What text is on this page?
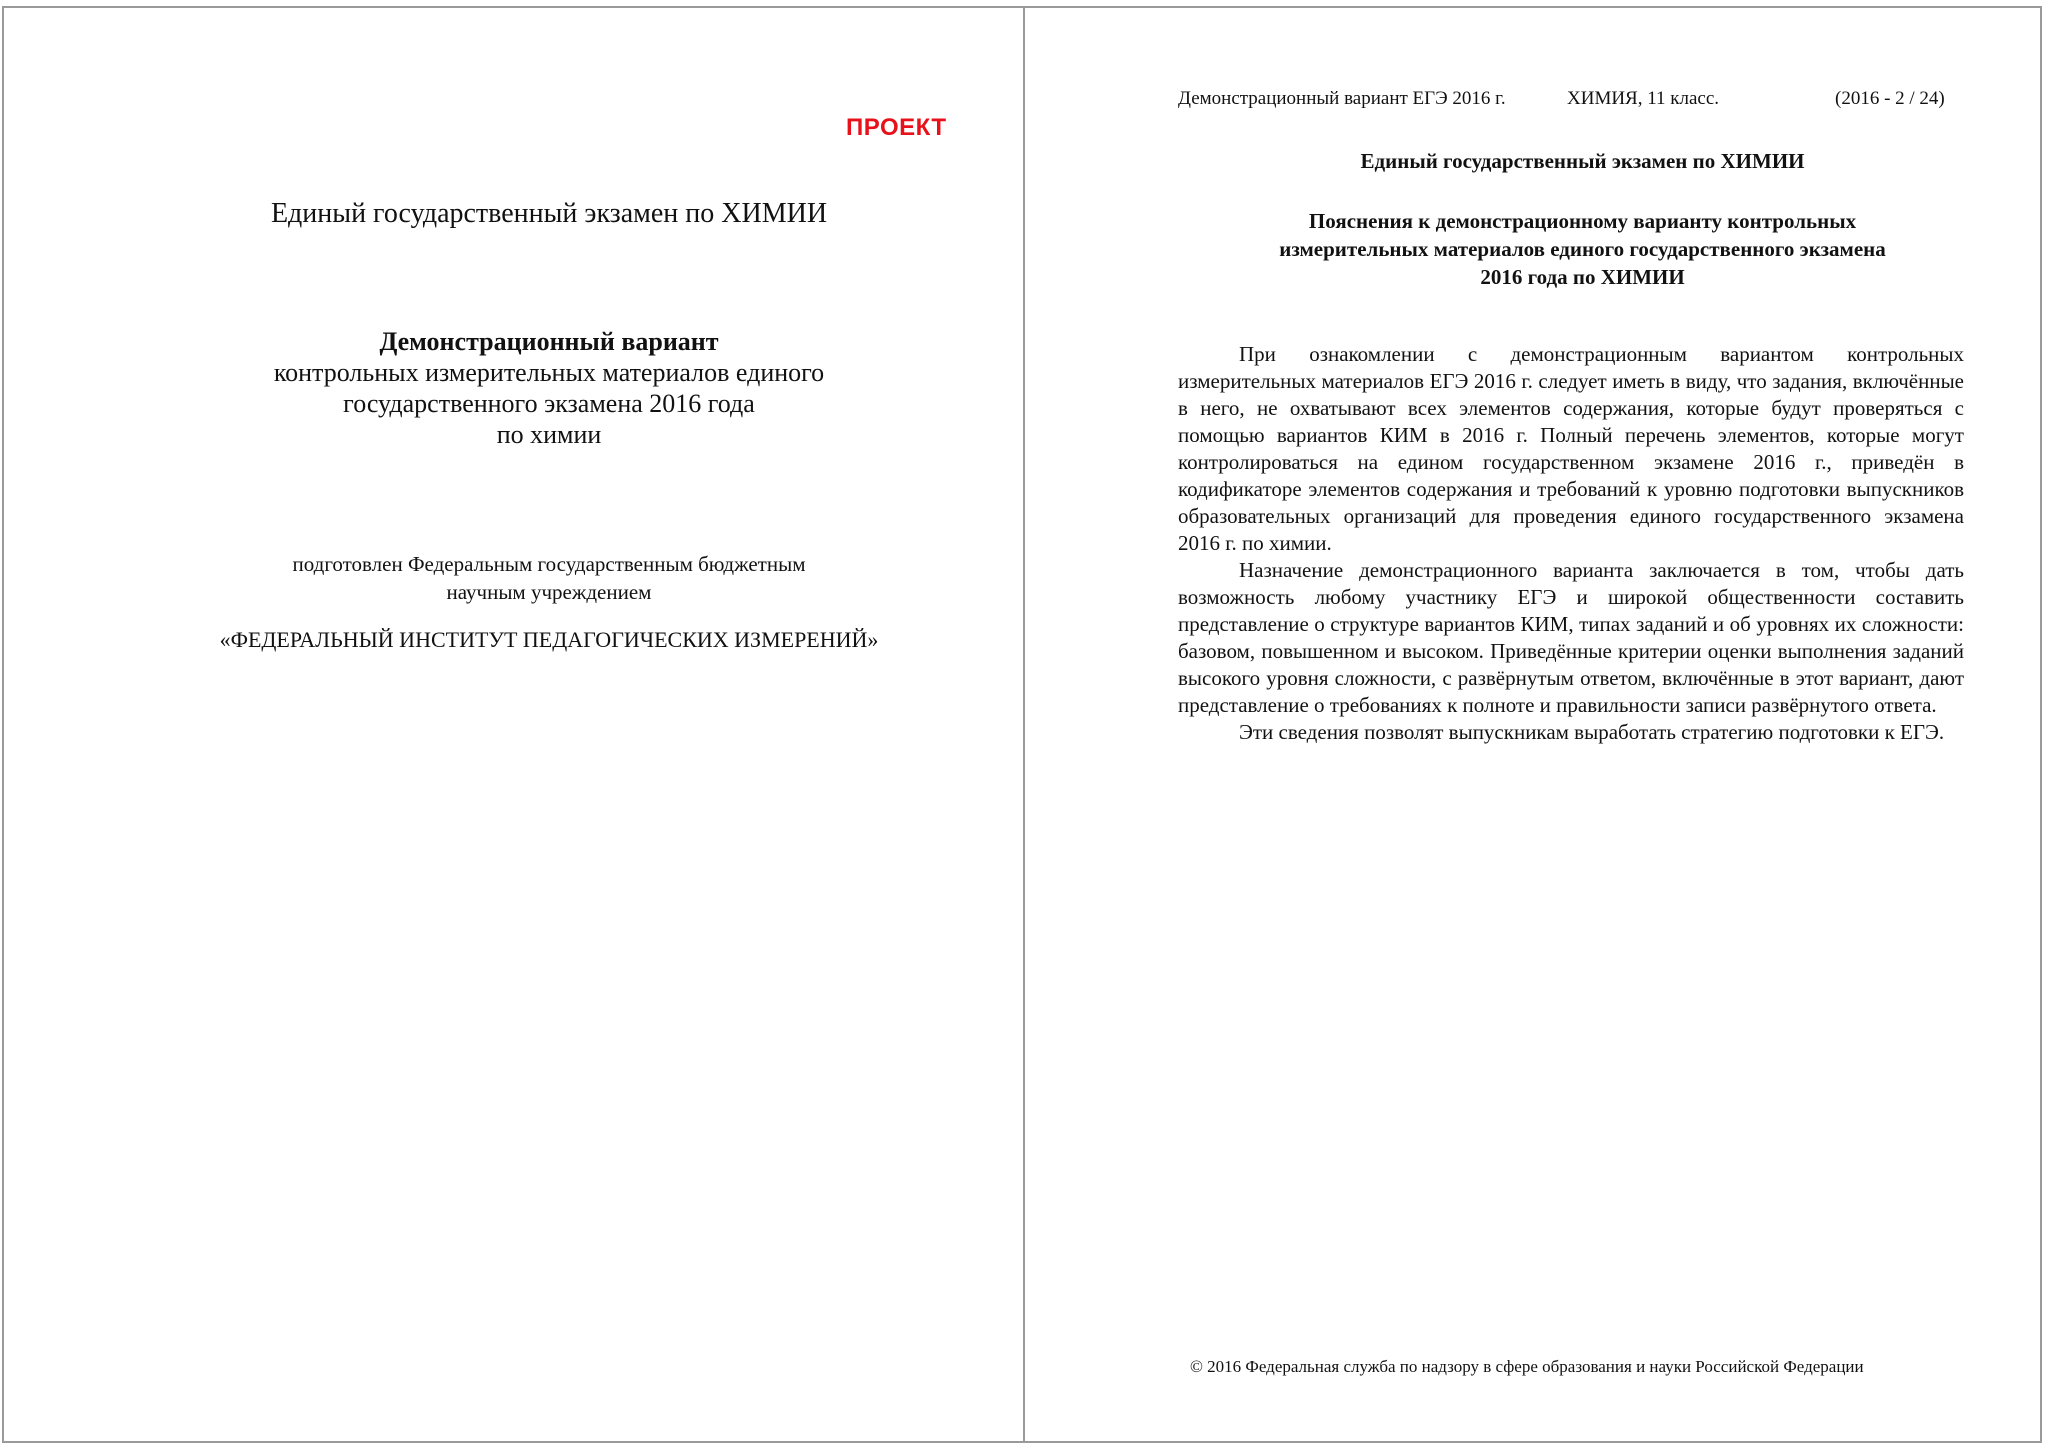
ПРОЕКТ
Единый государственный экзамен по ХИМИИ
Демонстрационный вариант
контрольных измерительных материалов единого
государственного экзамена 2016 года
по химии
подготовлен Федеральным государственным бюджетным
научным учреждением
«ФЕДЕРАЛЬНЫЙ ИНСТИТУТ ПЕДАГОГИЧЕСКИХ ИЗМЕРЕНИЙ»
Демонстрационный вариант ЕГЭ 2016 г.	ХИМИЯ, 11 класс.	(2016 - 2 / 24)
Единый государственный экзамен по ХИМИИ
Пояснения к демонстрационному варианту контрольных
измерительных материалов единого государственного экзамена
2016 года по ХИМИИ

При ознакомлении с демонстрационным вариантом контрольных измерительных материалов ЕГЭ 2016 г. следует иметь в виду, что задания, включённые в него, не охватывают всех элементов содержания, которые будут проверяться с помощью вариантов КИМ в 2016 г. Полный перечень элементов, которые могут контролироваться на едином государственном экзамене 2016 г., приведён в кодификаторе элементов содержания и требований к уровню подготовки выпускников образовательных организаций для проведения единого государственного экзамена 2016 г. по химии.

Назначение демонстрационного варианта заключается в том, чтобы дать возможность любому участнику ЕГЭ и широкой общественности составить представление о структуре вариантов КИМ, типах заданий и об уровнях их сложности: базовом, повышенном и высоком. Приведённые критерии оценки выполнения заданий высокого уровня сложности, с развёрнутым ответом, включённые в этот вариант, дают представление о требованиях к полноте и правильности записи развёрнутого ответа.

Эти сведения позволят выпускникам выработать стратегию подготовки к ЕГЭ.

© 2016 Федеральная служба по надзору в сфере образования и науки Российской Федерации
